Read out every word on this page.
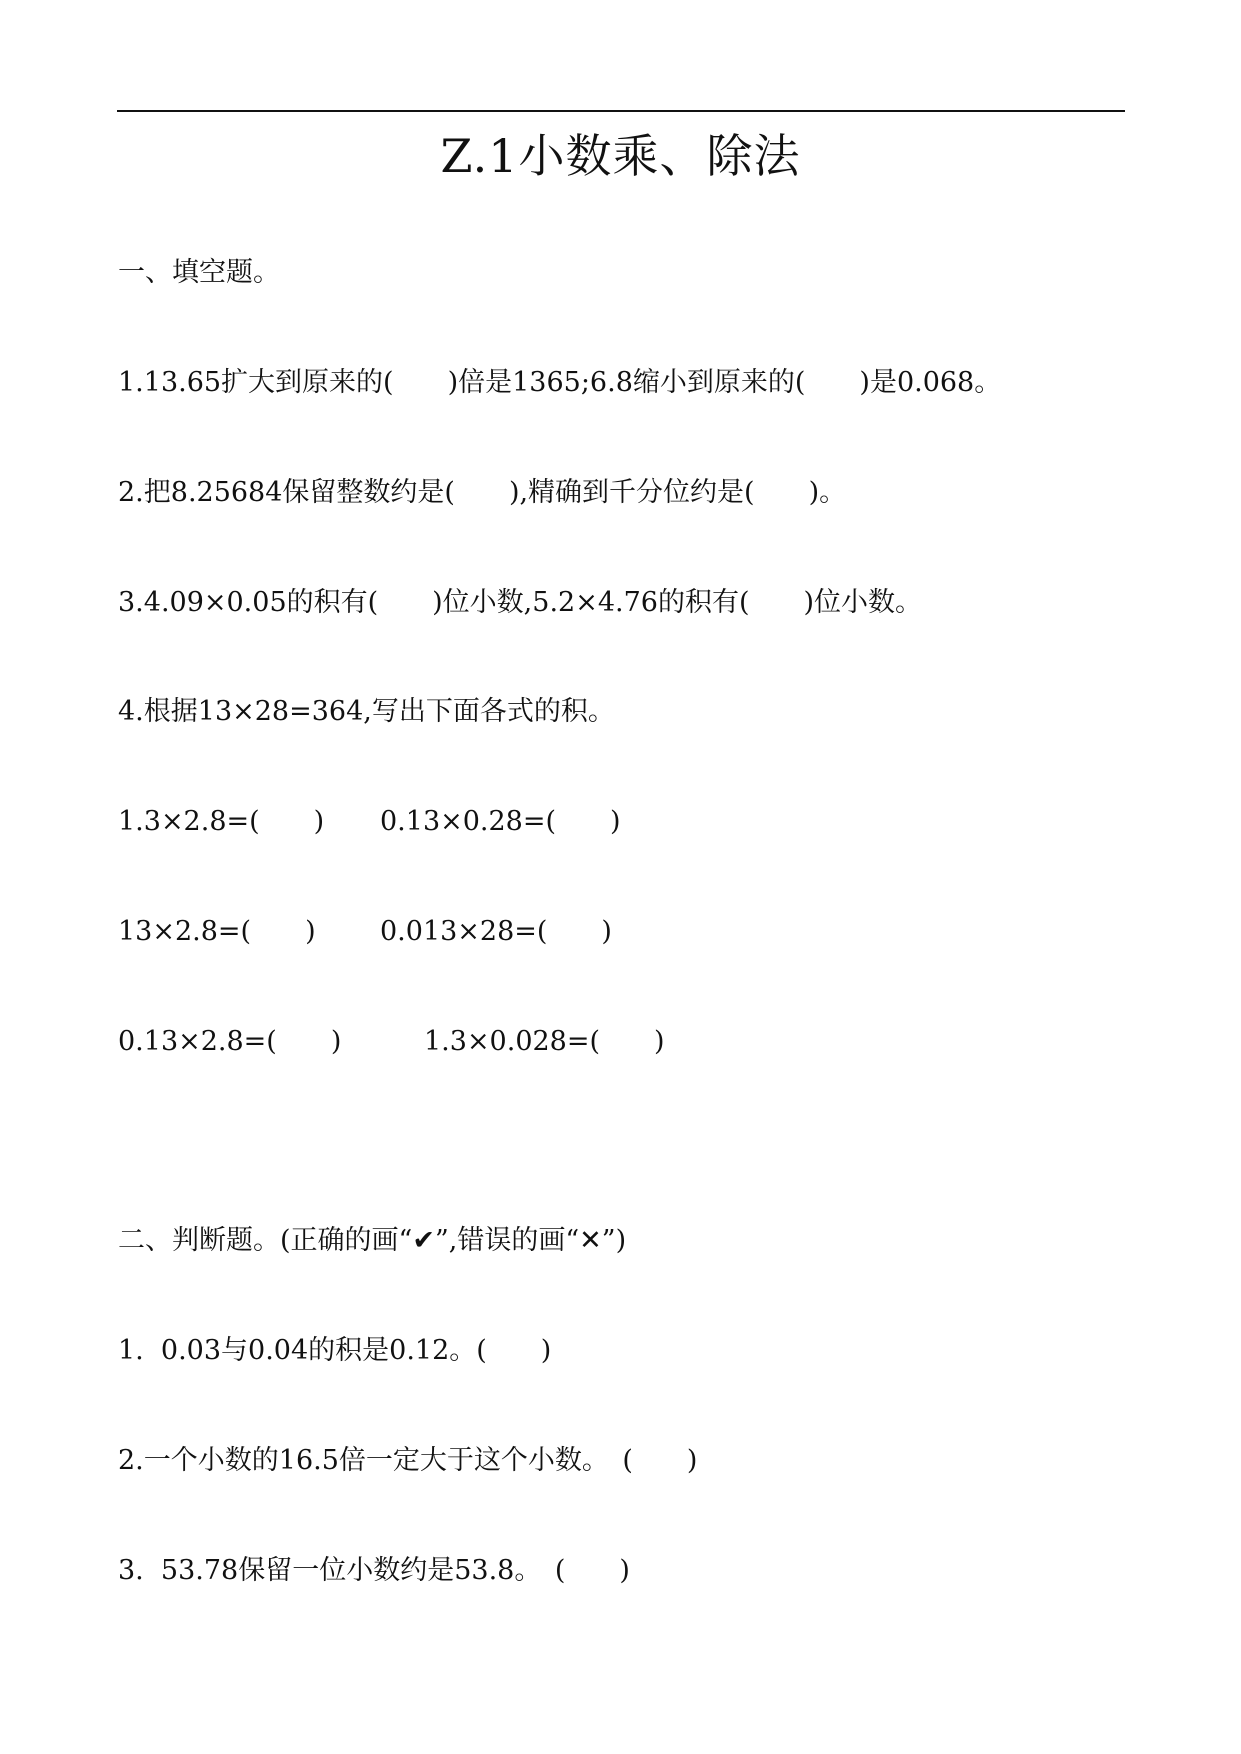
Z.1小数乘、除法
一、填空题。
1.13.65扩大到原来的(　　)倍是1365;6.8缩小到原来的(　　)是0.068。
2.把8.25684保留整数约是(　　),精确到千分位约是(　　)。
3.4.09×0.05的积有(　　)位小数,5.2×4.76的积有(　　)位小数。
4.根据13×28=364,写出下面各式的积。

1.3×2.8=(　　)

0.13×0.28=(　　)

13×2.8=(　　)

0.013×28=(　　)

0.13×2.8=(　　)

	1.3×0.028=(　　)

二、判断题。(正确的画“✔”,错误的画“✕”)
1.  0.03与0.04的积是0.12。(　　)
2.一个小数的16.5倍一定大于这个小数。　(　　)
3.  53.78保留一位小数约是53.8。　(　　)
